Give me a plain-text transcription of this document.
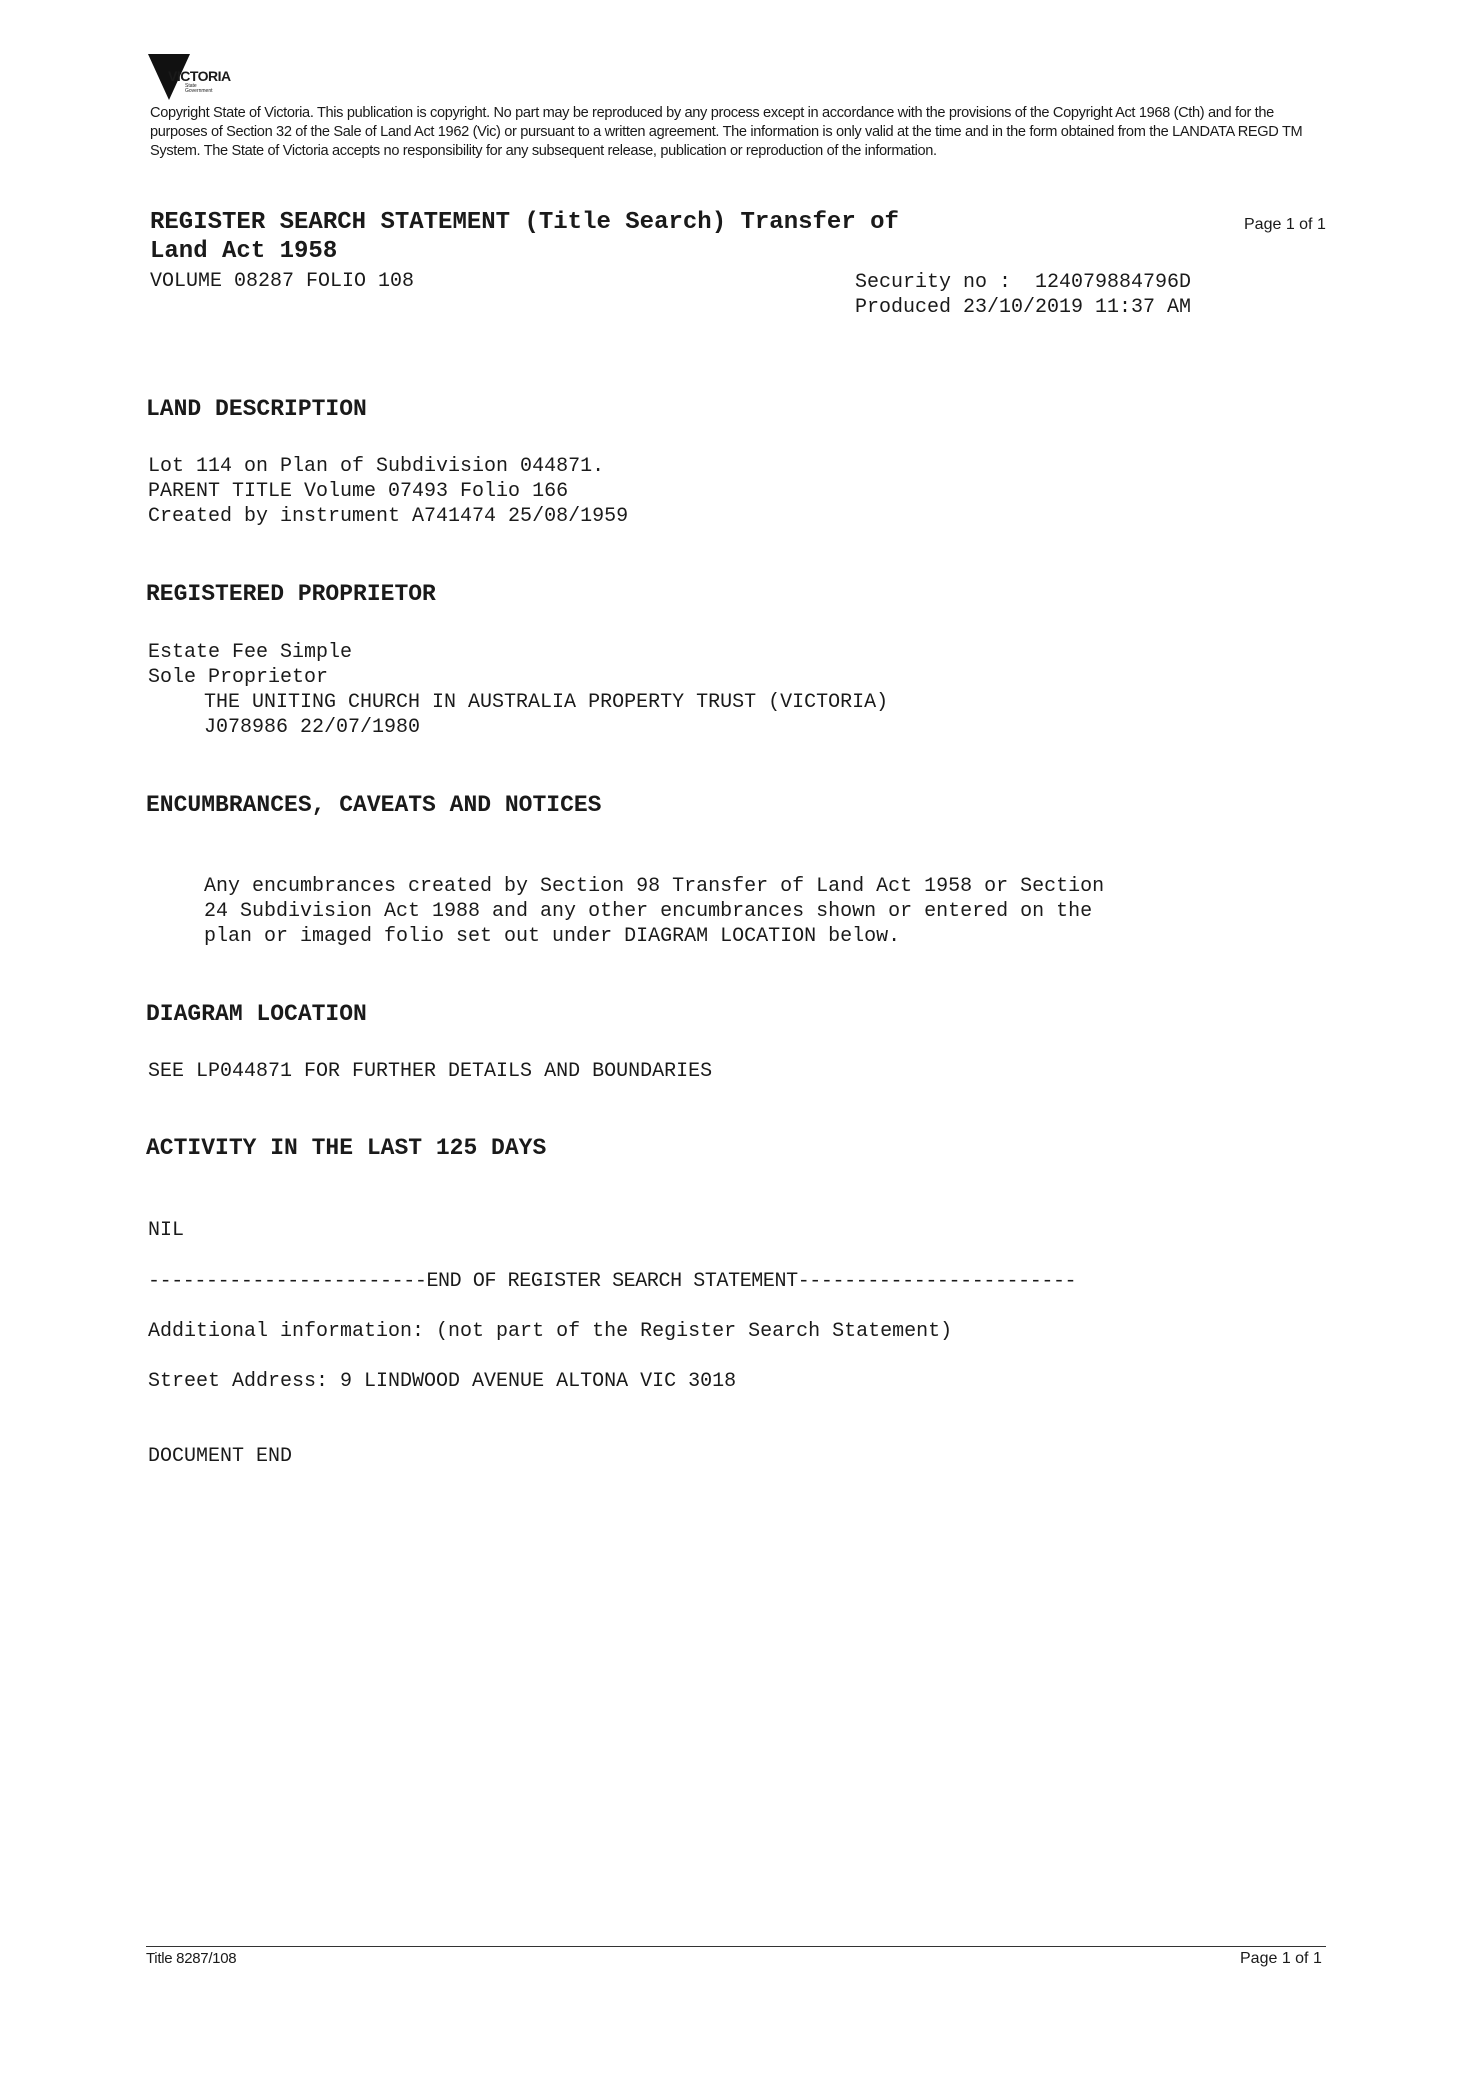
VICTORIA
State Government
Copyright State of Victoria. This publication is copyright. No part may be reproduced by any process except in accordance with the provisions of the Copyright Act 1968 (Cth) and for the purposes of Section 32 of the Sale of Land Act 1962 (Vic) or pursuant to a written agreement. The information is only valid at the time and in the form obtained from the LANDATA REGD TM System. The State of Victoria accepts no responsibility for any subsequent release, publication or reproduction of the information.
REGISTER SEARCH STATEMENT (Title Search) Transfer of
Land Act 1958
Page 1 of 1
VOLUME 08287 FOLIO 108	Security no :  124079884796D
Produced 23/10/2019 11:37 AM
LAND DESCRIPTION
Lot 114 on Plan of Subdivision 044871.
PARENT TITLE Volume 07493 Folio 166
Created by instrument A741474 25/08/1959
REGISTERED PROPRIETOR
Estate Fee Simple
Sole Proprietor
THE UNITING CHURCH IN AUSTRALIA PROPERTY TRUST (VICTORIA)
J078986 22/07/1980
ENCUMBRANCES, CAVEATS AND NOTICES
Any encumbrances created by Section 98 Transfer of Land Act 1958 or Section
24 Subdivision Act 1988 and any other encumbrances shown or entered on the
plan or imaged folio set out under DIAGRAM LOCATION below.
DIAGRAM LOCATION
SEE LP044871 FOR FURTHER DETAILS AND BOUNDARIES
ACTIVITY IN THE LAST 125 DAYS
NIL
------------------------END OF REGISTER SEARCH STATEMENT------------------------
Additional information: (not part of the Register Search Statement)
Street Address: 9 LINDWOOD AVENUE ALTONA VIC 3018
DOCUMENT END
Title 8287/108	Page 1 of 1
